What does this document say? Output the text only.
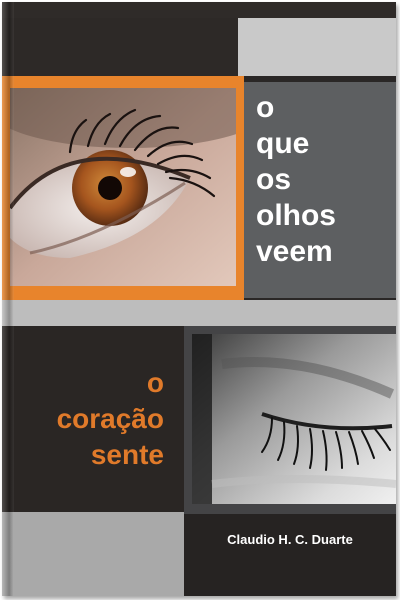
o
que
os
olhos
veem
o
coração
sente
Claudio H. C. Duarte
